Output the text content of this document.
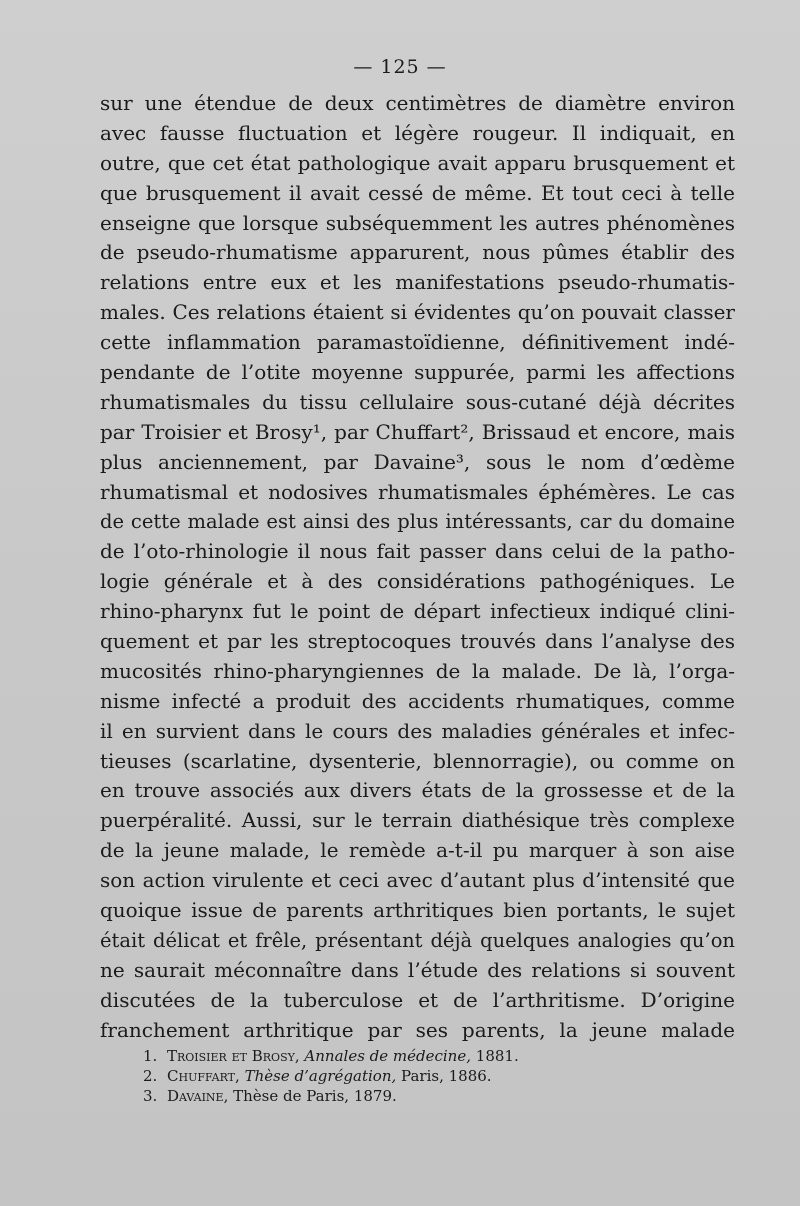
— 125 —
sur une étendue de deux centimètres de diamètre environ
avec fausse fluctuation et légère rougeur. Il indiquait, en
outre, que cet état pathologique avait apparu brusquement et
que brusquement il avait cessé de même. Et tout ceci à telle
enseigne que lorsque subséquemment les autres phénomènes
de pseudo-rhumatisme apparurent, nous pûmes établir des
relations entre eux et les manifestations pseudo-rhumatis-
males. Ces relations étaient si évidentes qu’on pouvait classer
cette inflammation paramastoïdienne, définitivement indé-
pendante de l’otite moyenne suppurée, parmi les affections
rhumatismales du tissu cellulaire sous-cutané déjà décrites
par Troisier et Brosy¹, par Chuffart², Brissaud et encore, mais
plus anciennement, par Davaine³, sous le nom d’œdème
rhumatismal et nodosives rhumatismales éphémères. Le cas
de cette malade est ainsi des plus intéressants, car du domaine
de l’oto-rhinologie il nous fait passer dans celui de la patho-
logie générale et à des considérations pathogéniques. Le
rhino-pharynx fut le point de départ infectieux indiqué clini-
quement et par les streptocoques trouvés dans l’analyse des
mucosités rhino-pharyngiennes de la malade. De là, l’orga-
nisme infecté a produit des accidents rhumatiques, comme
il en survient dans le cours des maladies générales et infec-
tieuses (scarlatine, dysenterie, blennorragie), ou comme on
en trouve associés aux divers états de la grossesse et de la
puerpéralité. Aussi, sur le terrain diathésique très complexe
de la jeune malade, le remède a-t-il pu marquer à son aise
son action virulente et ceci avec d’autant plus d’intensité que
quoique issue de parents arthritiques bien portants, le sujet
était délicat et frêle, présentant déjà quelques analogies qu’on
ne saurait méconnaître dans l’étude des relations si souvent
discutées de la tuberculose et de l’arthritisme. D’origine
franchement arthritique par ses parents, la jeune malade
1. Troisier et Brosy, Annales de médecine, 1881.
2. Chuffart, Thèse d’agrégation, Paris, 1886.
3. Davaine, Thèse de Paris, 1879.
